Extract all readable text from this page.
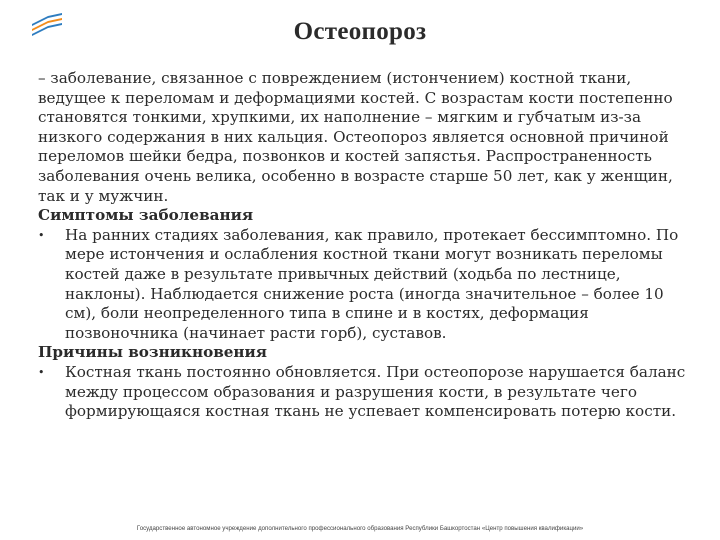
Остеопороз

– заболевание, связанное с повреждением (истончением) костной ткани, ведущее к переломам и деформациями костей. С возрастам кости постепенно становятся тонкими, хрупкими, их наполнение – мягким и губчатым из-за низкого содержания в них кальция. Остеопороз является основной причиной переломов шейки бедра, позвонков и костей запястья. Распространенность заболевания очень велика, особенно в возрасте старше 50 лет, как у женщин, так и у мужчин.

Симптомы заболевания

• На ранних стадиях заболевания, как правило, протекает бессимптомно. По мере истончения и ослабления костной ткани могут возникать переломы костей даже в результате привычных действий (ходьба по лестнице, наклоны). Наблюдается снижение роста (иногда значительное – более 10 см), боли неопределенного типа в спине и в костях, деформация позвоночника (начинает расти горб), суставов.

Причины возникновения

• Костная ткань постоянно обновляется. При остеопорозе нарушается баланс между процессом образования и разрушения кости, в результате чего формирующаяся костная ткань не успевает компенсировать потерю кости.
Государственное автономное учреждение дополнительного профессионального образования Республики Башкортостан «Центр повышения квалификации»
